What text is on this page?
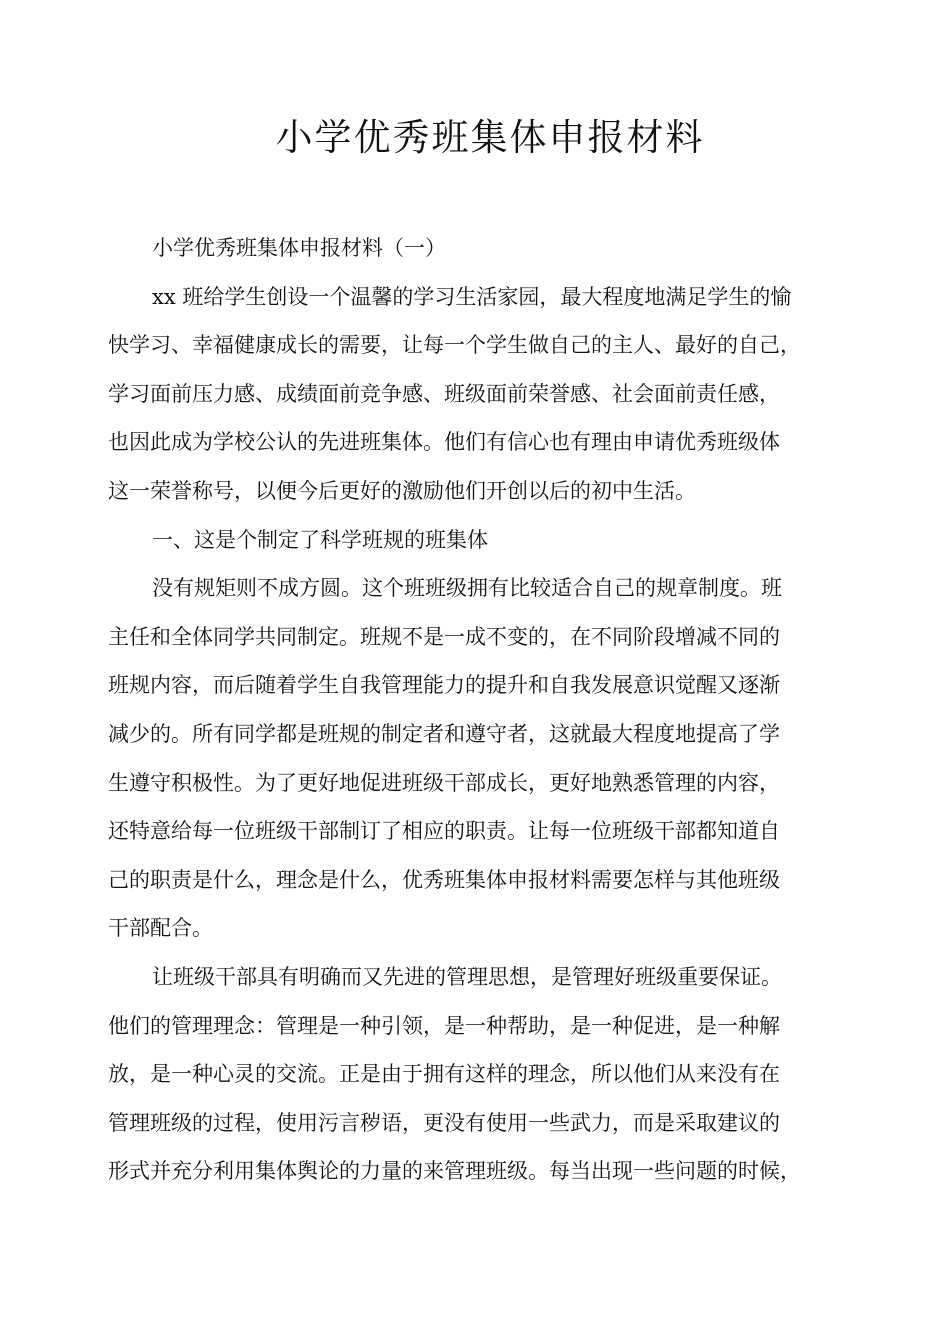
小学优秀班集体申报材料
小学优秀班集体申报材料（一）
xx 班给学生创设一个温馨的学习生活家园，最大程度地满足学生的愉
快学习、幸福健康成长的需要，让每一个学生做自己的主人、最好的自己，
学习面前压力感、成绩面前竞争感、班级面前荣誉感、社会面前责任感，
也因此成为学校公认的先进班集体。他们有信心也有理由申请优秀班级体
这一荣誉称号，以便今后更好的激励他们开创以后的初中生活。
一、这是个制定了科学班规的班集体
没有规矩则不成方圆。这个班班级拥有比较适合自己的规章制度。班
主任和全体同学共同制定。班规不是一成不变的，在不同阶段增减不同的
班规内容，而后随着学生自我管理能力的提升和自我发展意识觉醒又逐渐
减少的。所有同学都是班规的制定者和遵守者，这就最大程度地提高了学
生遵守积极性。为了更好地促进班级干部成长，更好地熟悉管理的内容，
还特意给每一位班级干部制订了相应的职责。让每一位班级干部都知道自
己的职责是什么，理念是什么，优秀班集体申报材料需要怎样与其他班级
干部配合。
让班级干部具有明确而又先进的管理思想，是管理好班级重要保证。
他们的管理理念：管理是一种引领，是一种帮助，是一种促进，是一种解
放，是一种心灵的交流。正是由于拥有这样的理念，所以他们从来没有在
管理班级的过程，使用污言秽语，更没有使用一些武力，而是采取建议的
形式并充分利用集体舆论的力量的来管理班级。每当出现一些问题的时候，
